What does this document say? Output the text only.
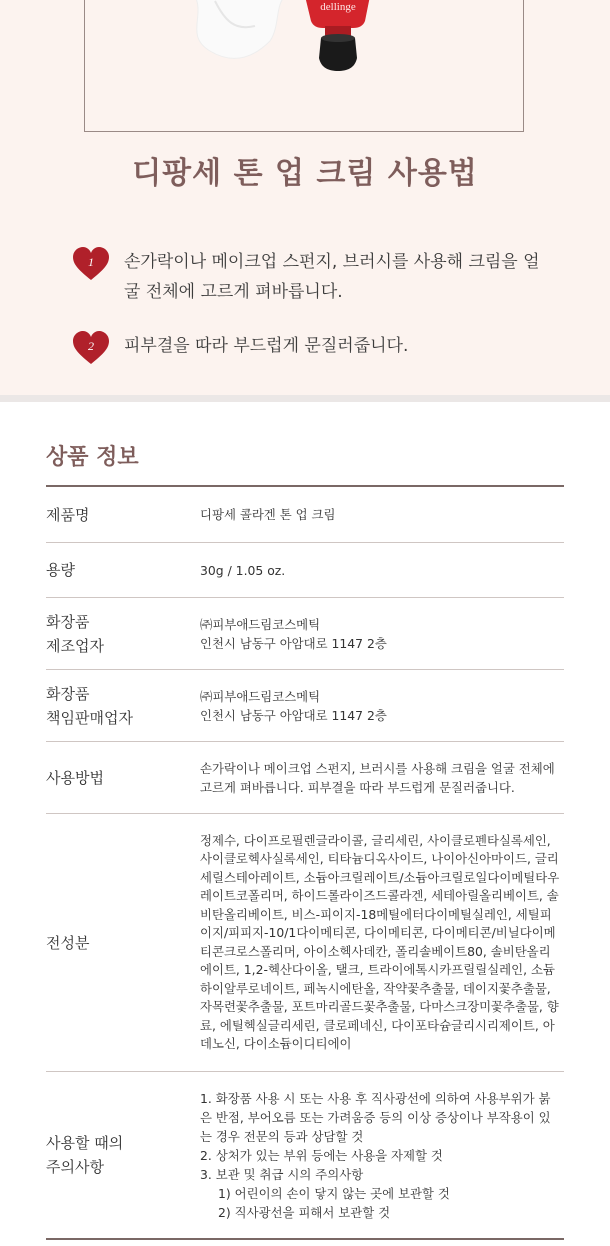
dellinge
디팡세 톤 업 크림 사용법
1 손가락이나 메이크업 스펀지, 브러시를 사용해 크림을 얼굴 전체에 고르게 펴바릅니다.
2 피부결을 따라 부드럽게 문질러줍니다.
상품 정보
제품명	디팡세 콜라겐 톤 업 크림
용량	30g / 1.05 oz.
화장품
제조업자
㈜피부애드림코스메틱
인천시 남동구 아암대로 1147 2층
화장품
책임판매업자
㈜피부애드림코스메틱
인천시 남동구 아암대로 1147 2층
사용방법
손가락이나 메이크업 스펀지, 브러시를 사용해 크림을 얼굴 전체에 고르게 펴바릅니다. 피부결을 따라 부드럽게 문질러줍니다.
전성분
정제수, 다이프로필렌글라이콜, 글리세린, 사이클로펜타실록세인, 사이클로헥사실록세인, 티타늄디옥사이드, 나이아신아마이드, 글리세릴스테아레이트, 소듐아크릴레이트/소듐아크릴로일다이메틸타우레이트코폴리머, 하이드롤라이즈드콜라겐, 세테아릴올리베이트, 솔비탄올리베이트, 비스-피이지-18메틸에터다이메틸실레인, 세틸피이지/피피지-10/1다이메티콘, 다이메티콘, 다이메티콘/비닐다이메티콘크로스폴리머, 아이소헥사데칸, 폴리솔베이트80, 솔비탄올리에이트, 1,2-헥산다이올, 탤크, 트라이에톡시카프릴릴실레인, 소듐하이알루로네이트, 페녹시에탄올, 작약꽃추출물, 데이지꽃추출물, 자목련꽃추출물, 포트마리골드꽃추출물, 다마스크장미꽃추출물, 향료, 에틸헥실글리세린, 클로페네신, 다이포타슘글리시리제이트, 아데노신, 다이소듐이디티에이
사용할 때의
주의사항
1. 화장품 사용 시 또는 사용 후 직사광선에 의하여 사용부위가 붉은 반점, 부어오름 또는 가려움증 등의 이상 증상이나 부작용이 있는 경우 전문의 등과 상담할 것
2. 상처가 있는 부위 등에는 사용을 자제할 것
3. 보관 및 취급 시의 주의사항
1) 어린이의 손이 닿지 않는 곳에 보관할 것
2) 직사광선을 피해서 보관할 것
